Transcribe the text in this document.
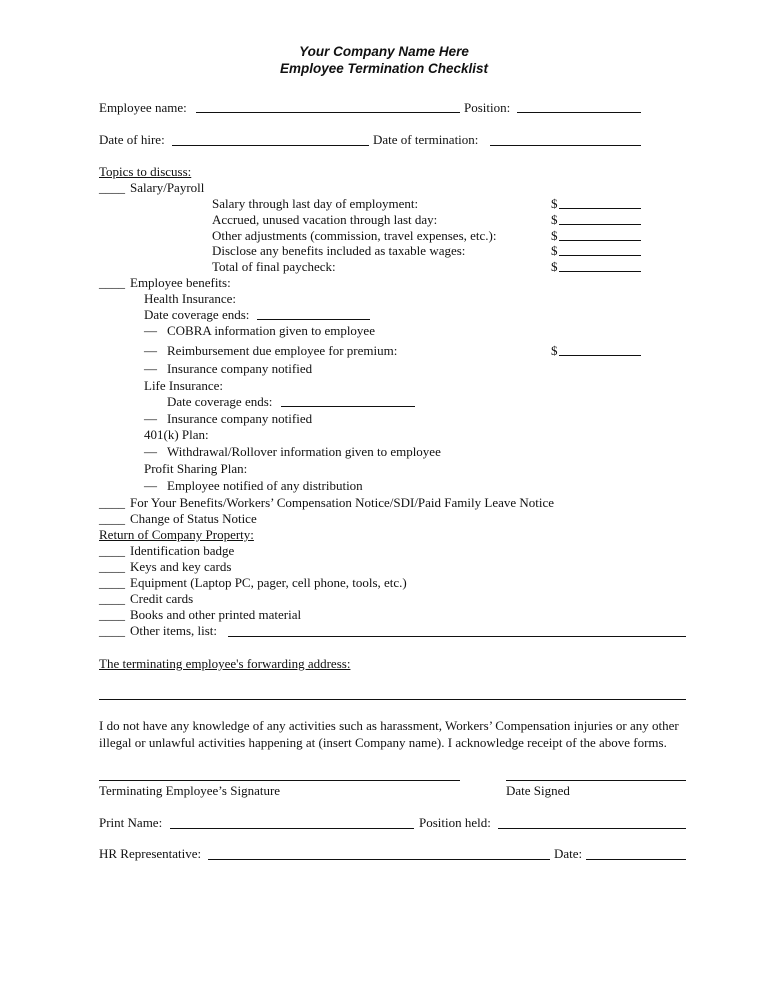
Your Company Name Here
Employee Termination Checklist
Employee name:	Position:
Date of hire:	Date of termination:
Topics to discuss:
____ Salary/Payroll
Salary through last day of employment:	$
Accrued, unused vacation through last day:	$
Other adjustments (commission, travel expenses, etc.):	$
Disclose any benefits included as taxable wages:	$
Total of final paycheck:	$
____ Employee benefits:
Health Insurance:
Date coverage ends:
— COBRA information given to employee
— Reimbursement due employee for premium:	$
— Insurance company notified
Life Insurance:
Date coverage ends:
— Insurance company notified
401(k) Plan:
— Withdrawal/Rollover information given to employee
Profit Sharing Plan:
— Employee notified of any distribution
____ For Your Benefits/Workers’ Compensation Notice/SDI/Paid Family Leave Notice
____ Change of Status Notice
Return of Company Property:
____ Identification badge
____ Keys and key cards
____ Equipment (Laptop PC, pager, cell phone, tools, etc.)
____ Credit cards
____ Books and other printed material
____ Other items, list:
The terminating employee's forwarding address:
I do not have any knowledge of any activities such as harassment, Workers’ Compensation injuries or any other
illegal or unlawful activities happening at (insert Company name). I acknowledge receipt of the above forms.
Terminating Employee’s Signature	Date Signed
Print Name:	Position held:
HR Representative:	Date:
